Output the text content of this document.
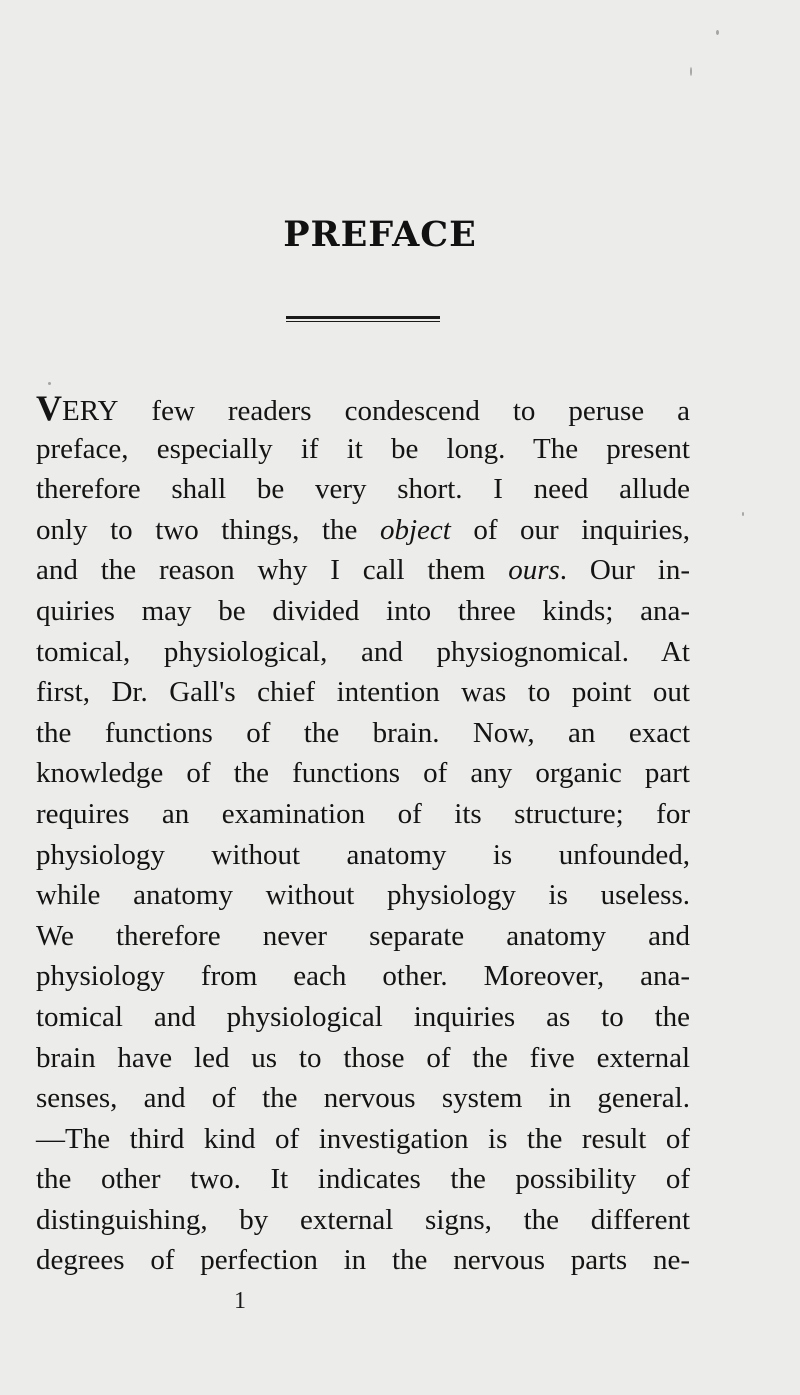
PREFACE
VERY few readers condescend to peruse a
preface, especially if it be long. The present
therefore shall be very short. I need allude
only to two things, the object of our inquiries,
and the reason why I call them ours. Our in-
quiries may be divided into three kinds; ana-
tomical, physiological, and physiognomical. At
first, Dr. Gall's chief intention was to point out
the functions of the brain. Now, an exact
knowledge of the functions of any organic part
requires an examination of its structure; for
physiology without anatomy is unfounded,
while anatomy without physiology is useless.
We therefore never separate anatomy and
physiology from each other. Moreover, ana-
tomical and physiological inquiries as to the
brain have led us to those of the five external
senses, and of the nervous system in general.
—The third kind of investigation is the result of
the other two. It indicates the possibility of
distinguishing, by external signs, the different
degrees of perfection in the nervous parts ne-
1
